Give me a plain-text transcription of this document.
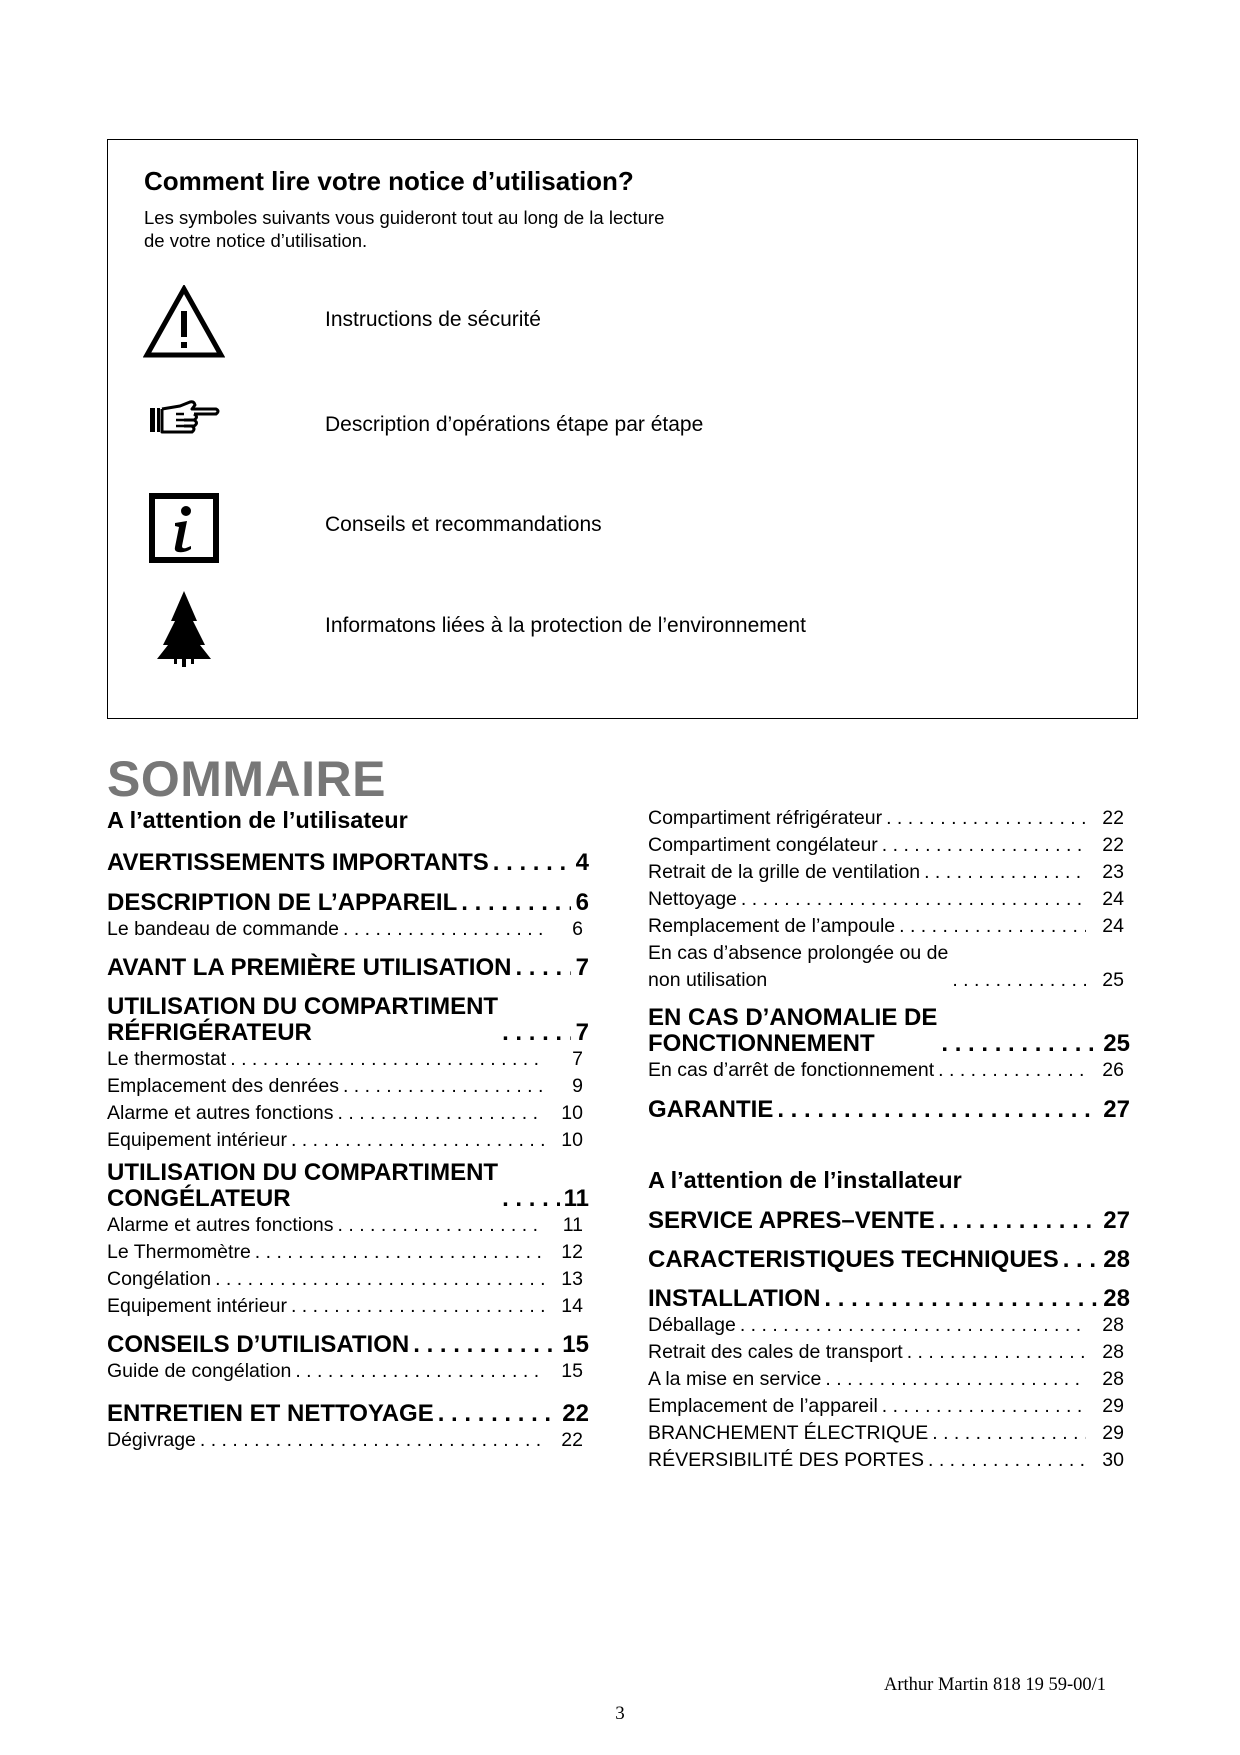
Comment lire votre notice d’utilisation?

Les symboles suivants vous guideront tout au long de la lecture
de votre notice d’utilisation.

Instructions de sécurité
Description d’opérations étape par étape
Conseils et recommandations
Informatons liées à la protection de l’environnement
SOMMAIRE
A l’attention de l’utilisateur
AVERTISSEMENTS IMPORTANTS . . .	4
DESCRIPTION DE L’APPAREIL . . .	6
Le bandeau de commande . . .	6
AVANT LA PREMIÈRE UTILISATION . . .	7
UTILISATION DU COMPARTIMENT
RÉFRIGÉRATEUR . . .	7
Le thermostat . . .	7
Emplacement des denrées . . .	9
Alarme et autres fonctions . . .	10
Equipement intérieur . . .	10
UTILISATION DU COMPARTIMENT
CONGÉLATEUR . . .	11
Alarme et autres fonctions . . .	11
Le Thermomètre . . .	12
Congélation . . .	13
Equipement intérieur . . .	14
CONSEILS D’UTILISATION . . .	15
Guide de congélation . . .	15
ENTRETIEN ET NETTOYAGE . . .	22
Dégivrage . . .	22
Compartiment réfrigérateur . . .	22
Compartiment congélateur . . .	22
Retrait de la grille de ventilation . . .	23
Nettoyage . . .	24
Remplacement de l’ampoule . . .	24
En cas d’absence prolongée ou de
non utilisation . . .	25
EN CAS D’ANOMALIE DE
FONCTIONNEMENT . . .	25
En cas d’arrêt de fonctionnement . . .	26
GARANTIE . . .	27
A l’attention de l’installateur
SERVICE APRES–VENTE . . .	27
CARACTERISTIQUES TECHNIQUES . . . 28
INSTALLATION . . .	28
Déballage . . .	28
Retrait des cales de transport . . .	28
A la mise en service . . .	28
Emplacement de l’appareil . . .	29
BRANCHEMENT ÉLECTRIQUE . . .	29
RÉVERSIBILITÉ DES PORTES . . .	30
Arthur Martin 818 19 59-00/1
3
